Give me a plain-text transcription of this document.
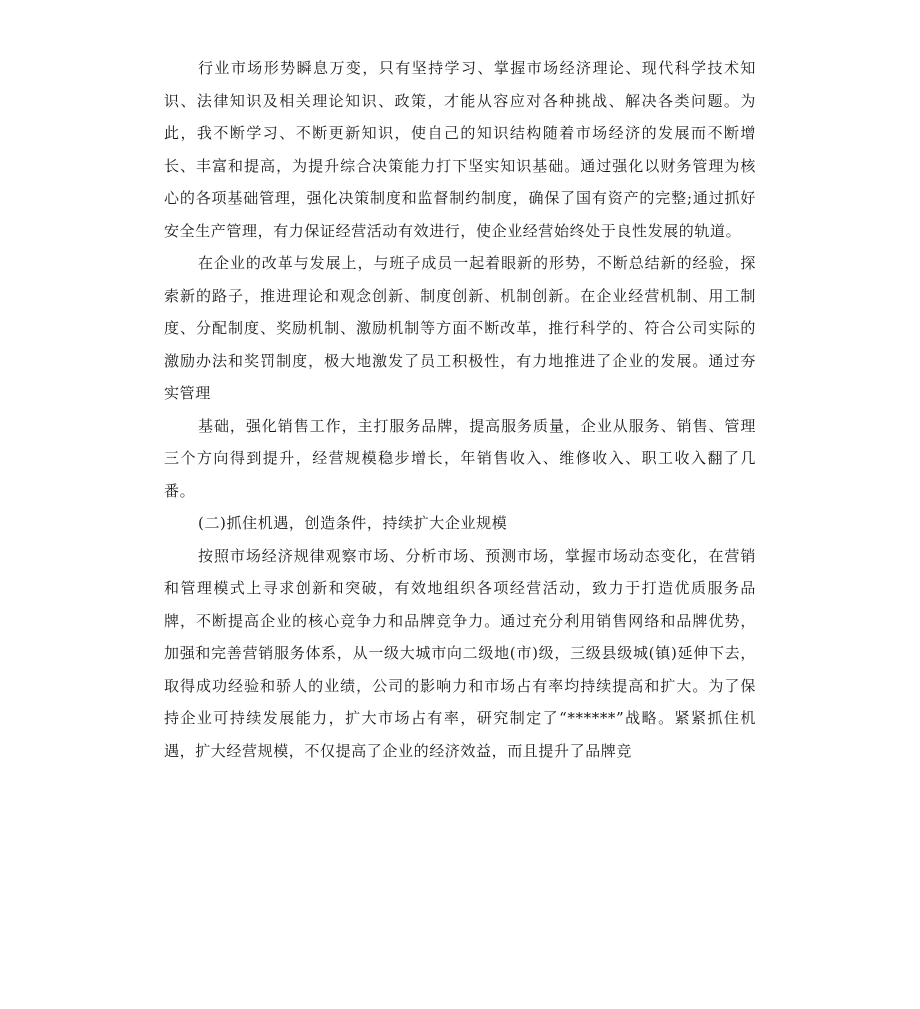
行业市场形势瞬息万变，只有坚持学习、掌握市场经济理论、现代科学技术知识、法律知识及相关理论知识、政策，才能从容应对各种挑战、解决各类问题。为此，我不断学习、不断更新知识，使自己的知识结构随着市场经济的发展而不断增长、丰富和提高，为提升综合决策能力打下坚实知识基础。通过强化以财务管理为核心的各项基础管理，强化决策制度和监督制约制度，确保了国有资产的完整;通过抓好安全生产管理，有力保证经营活动有效进行，使企业经营始终处于良性发展的轨道。

在企业的改革与发展上，与班子成员一起着眼新的形势，不断总结新的经验，探索新的路子，推进理论和观念创新、制度创新、机制创新。在企业经营机制、用工制度、分配制度、奖励机制、激励机制等方面不断改革，推行科学的、符合公司实际的激励办法和奖罚制度，极大地激发了员工积极性，有力地推进了企业的发展。通过夯实管理

基础，强化销售工作，主打服务品牌，提高服务质量，企业从服务、销售、管理三个方向得到提升，经营规模稳步增长，年销售收入、维修收入、职工收入翻了几番。

(二)抓住机遇，创造条件，持续扩大企业规模

按照市场经济规律观察市场、分析市场、预测市场，掌握市场动态变化，在营销和管理模式上寻求创新和突破，有效地组织各项经营活动，致力于打造优质服务品牌，不断提高企业的核心竞争力和品牌竞争力。通过充分利用销售网络和品牌优势，加强和完善营销服务体系，从一级大城市向二级地(市)级，三级县级城(镇)延伸下去，取得成功经验和骄人的业绩，公司的影响力和市场占有率均持续提高和扩大。为了保持企业可持续发展能力，扩大市场占有率，研究制定了“******”战略。紧紧抓住机遇，扩大经营规模，不仅提高了企业的经济效益，而且提升了品牌竞
